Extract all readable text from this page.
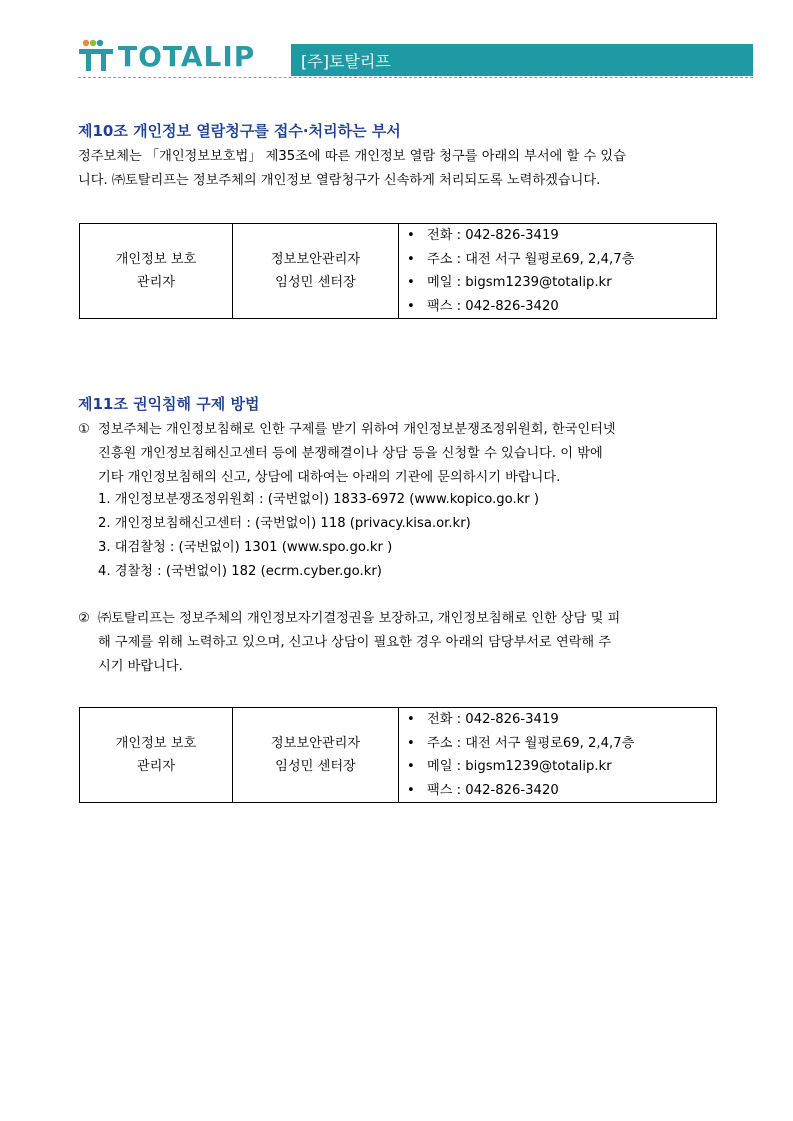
TOTALIP	[주]토탈리프
제10조 개인정보 열람청구를 접수·처리하는 부서
정주보체는 「개인정보보호법」 제35조에 따른 개인정보 열람 청구를 아래의 부서에 할 수 있습
니다. ㈜토탈리프는 정보주체의 개인정보 열람청구가 신속하게 처리되도록 노력하겠습니다.
개인정보 보호
관리자

정보보안관리자
임성민 센터장

• 전화 : 042-826-3419
• 주소 : 대전 서구 월평로69, 2,4,7층
• 메일 : bigsm1239@totalip.kr
• 팩스 : 042-826-3420
제11조 권익침해 구제 방법
① 정보주체는 개인정보침해로 인한 구제를 받기 위하여 개인정보분쟁조정위원회, 한국인터넷
진흥원 개인정보침해신고센터 등에 분쟁해결이나 상담 등을 신청할 수 있습니다. 이 밖에
기타 개인정보침해의 신고, 상담에 대하여는 아래의 기관에 문의하시기 바랍니다.
1. 개인정보분쟁조정위원회 : (국번없이) 1833-6972 (www.kopico.go.kr )
2. 개인정보침해신고센터 : (국번없이) 118 (privacy.kisa.or.kr)
3. 대검찰청 : (국번없이) 1301 (www.spo.go.kr )
4. 경찰청 : (국번없이) 182 (ecrm.cyber.go.kr)
② ㈜토탈리프는 정보주체의 개인정보자기결정권을 보장하고, 개인정보침해로 인한 상담 및 피
해 구제를 위해 노력하고 있으며, 신고나 상담이 필요한 경우 아래의 담당부서로 연락해 주
시기 바랍니다.
개인정보 보호
관리자

정보보안관리자
임성민 센터장

• 전화 : 042-826-3419
• 주소 : 대전 서구 월평로69, 2,4,7층
• 메일 : bigsm1239@totalip.kr
• 팩스 : 042-826-3420
